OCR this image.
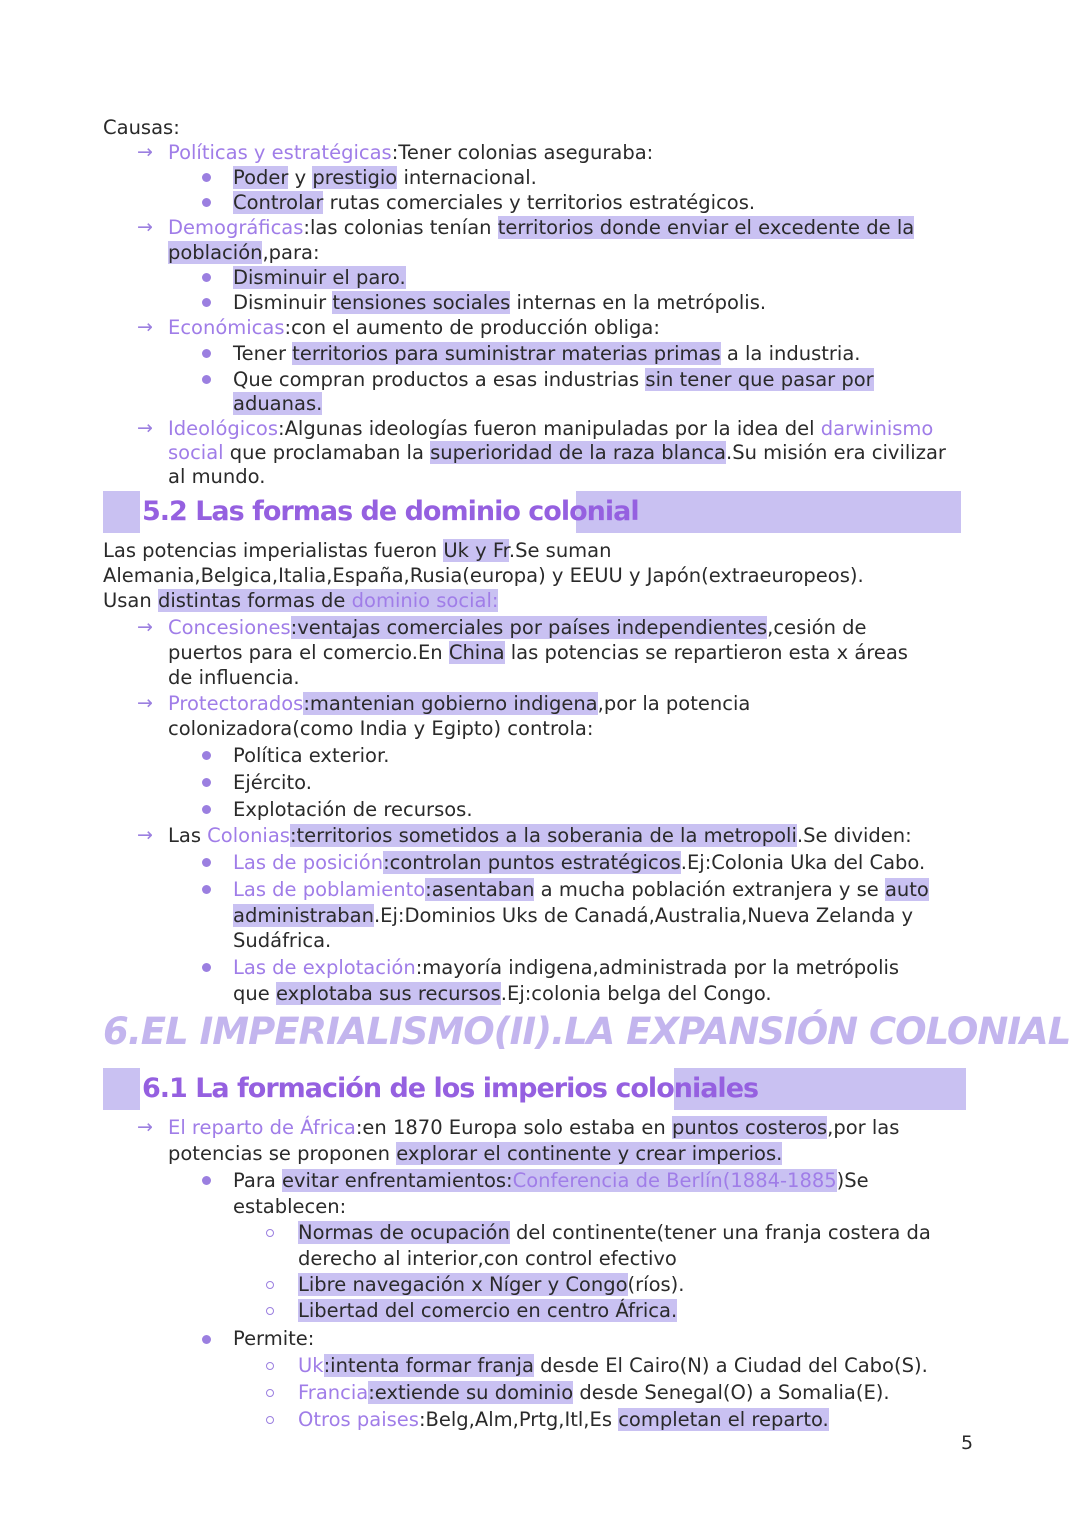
Causas:
→ Políticas y estratégicas:Tener colonias aseguraba:
Poder y prestigio internacional.
Controlar rutas comerciales y territorios estratégicos.
→ Demográficas:las colonias tenían territorios donde enviar el excedente de la
población,para:
Disminuir el paro.
Disminuir tensiones sociales internas en la metrópolis.
→ Económicas:con el aumento de producción obliga:
Tener territorios para suministrar materias primas a la industria.
Que compran productos a esas industrias sin tener que pasar por
aduanas.
→ Ideológicos:Algunas ideologías fueron manipuladas por la idea del darwinismo
social que proclamaban la superioridad de la raza blanca.Su misión era civilizar
al mundo.
5.2 Las formas de dominio colonial
Las potencias imperialistas fueron Uk y Fr.Se suman
Alemania,Belgica,Italia,España,Rusia(europa) y EEUU y Japón(extraeuropeos).
Usan distintas formas de dominio social:
→ Concesiones:ventajas comerciales por países independientes,cesión de
puertos para el comercio.En China las potencias se repartieron esta x áreas
de influencia.
→ Protectorados:mantenian gobierno indigena,por la potencia
colonizadora(como India y Egipto) controla:
Política exterior.
Ejército.
Explotación de recursos.
→ Las Colonias:territorios sometidos a la soberania de la metropoli.Se dividen:
Las de posición:controlan puntos estratégicos.Ej:Colonia Uka del Cabo.
Las de poblamiento:asentaban a mucha población extranjera y se auto
administraban.Ej:Dominios Uks de Canadá,Australia,Nueva Zelanda y
Sudáfrica.
Las de explotación:mayoría indigena,administrada por la metrópolis
que explotaba sus recursos.Ej:colonia belga del Congo.
6.EL IMPERIALISMO(II).LA EXPANSIÓN COLONIAL
6.1 La formación de los imperios coloniales
→ El reparto de África:en 1870 Europa solo estaba en puntos costeros,por las
potencias se proponen explorar el continente y crear imperios.
Para evitar enfrentamientos:Conferencia de Berlín(1884-1885)Se
establecen:
Normas de ocupación del continente(tener una franja costera da
derecho al interior,con control efectivo
Libre navegación x Níger y Congo(ríos).
Libertad del comercio en centro África.
Permite:
Uk:intenta formar franja desde El Cairo(N) a Ciudad del Cabo(S).
Francia:extiende su dominio desde Senegal(O) a Somalia(E).
Otros paises:Belg,Alm,Prtg,Itl,Es completan el reparto.
5
